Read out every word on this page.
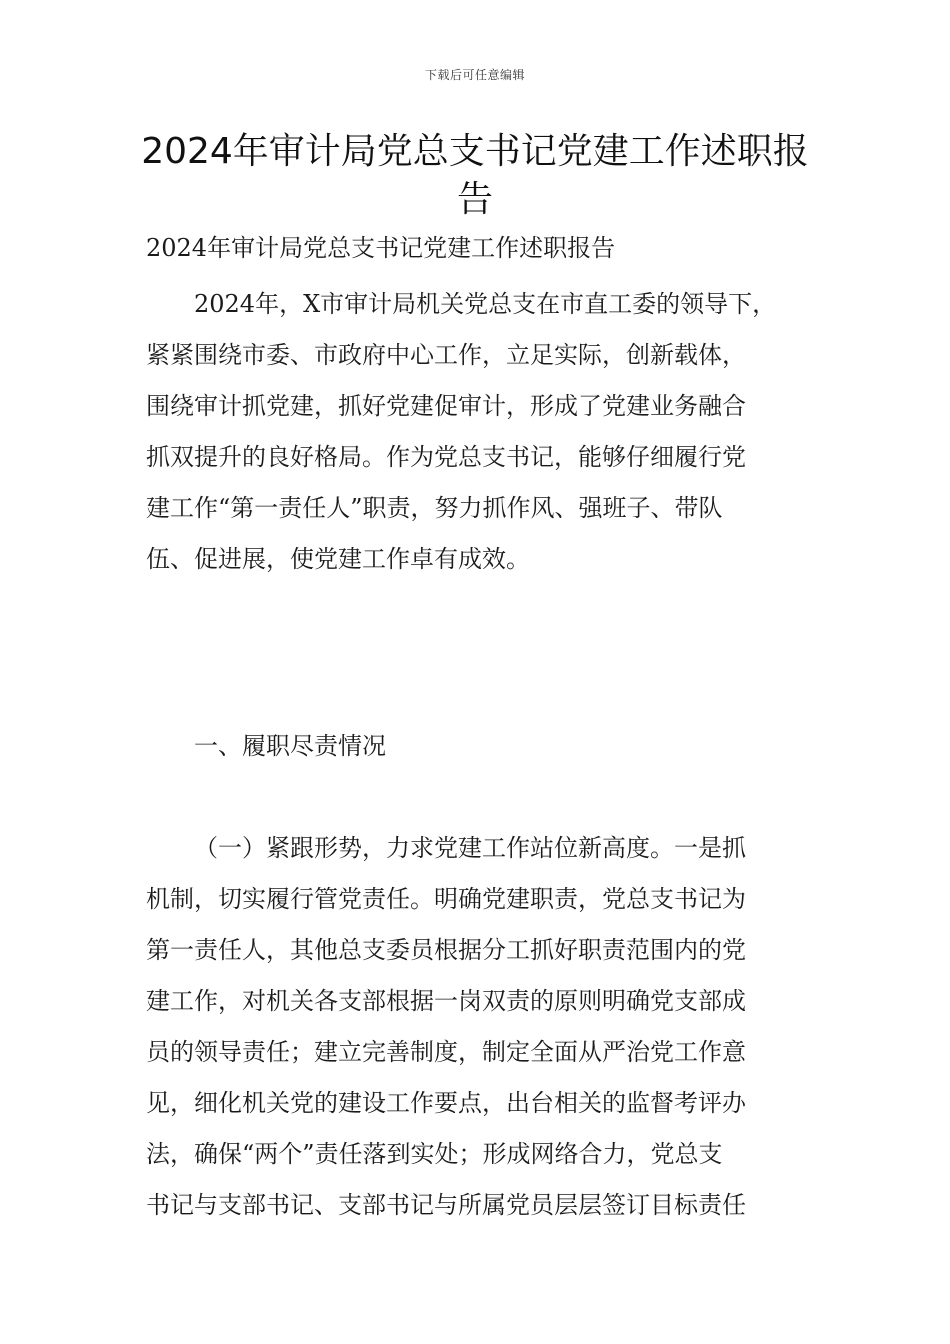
下载后可任意编辑
2024年审计局党总支书记党建工作述职报告

2024年审计局党总支书记党建工作述职报告

2024年，X市审计局机关党总支在市直工委的领导下，
紧紧围绕市委、市政府中心工作，立足实际，创新载体，
围绕审计抓党建，抓好党建促审计，形成了党建业务融合
抓双提升的良好格局。作为党总支书记，能够仔细履行党
建工作“第一责任人”职责，努力抓作风、强班子、带队
伍、促进展，使党建工作卓有成效。

一、履职尽责情况

（一）紧跟形势，力求党建工作站位新高度。一是抓
机制，切实履行管党责任。明确党建职责，党总支书记为
第一责任人，其他总支委员根据分工抓好职责范围内的党
建工作，对机关各支部根据一岗双责的原则明确党支部成
员的领导责任；建立完善制度，制定全面从严治党工作意
见，细化机关党的建设工作要点，出台相关的监督考评办
法，确保“两个”责任落到实处；形成网络合力，党总支
书记与支部书记、支部书记与所属党员层层签订目标责任
